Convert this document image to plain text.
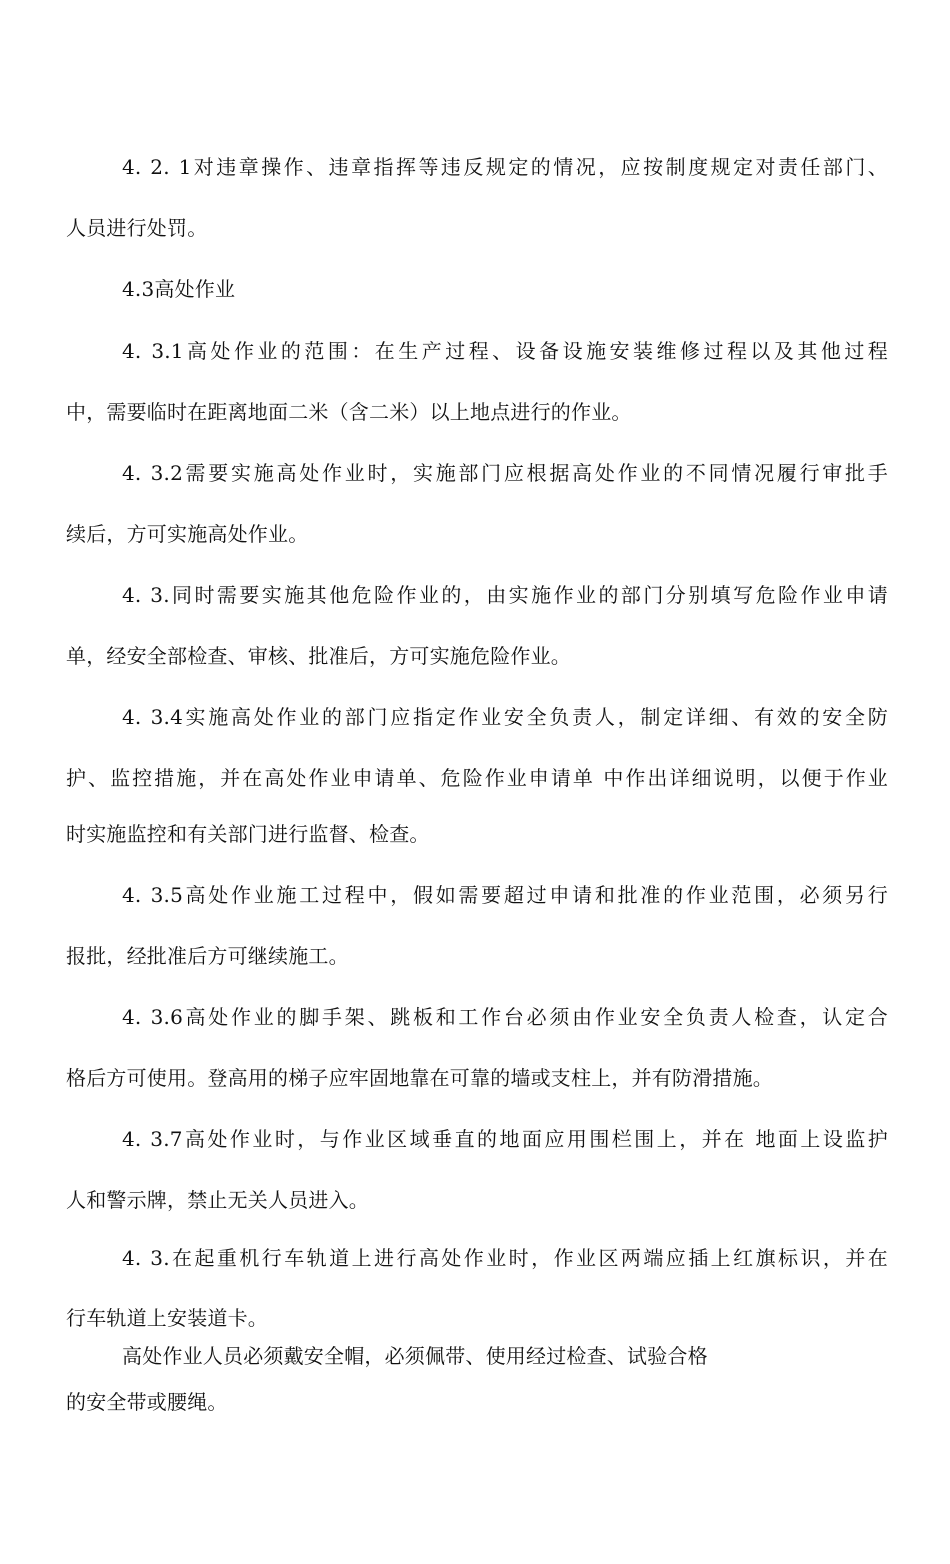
4. 2. 1对违章操作、违章指挥等违反规定的情况，应按制度规定对责任部门、
人员进行处罚。
4.3高处作业
4. 3.1高处作业的范围：在生产过程、设备设施安装维修过程以及其他过程
中，需要临时在距离地面二米（含二米）以上地点进行的作业。
4. 3.2需要实施高处作业时，实施部门应根据高处作业的不同情况履行审批手
续后，方可实施高处作业。
4. 3.同时需要实施其他危险作业的，由实施作业的部门分别填写危险作业申请
单，经安全部检查、审核、批准后，方可实施危险作业。
4. 3.4实施高处作业的部门应指定作业安全负责人，制定详细、有效的安全防
护、监控措施，并在高处作业申请单、危险作业申请单 中作出详细说明，以便于作业
时实施监控和有关部门进行监督、检查。
4. 3.5高处作业施工过程中，假如需要超过申请和批准的作业范围，必须另行
报批，经批准后方可继续施工。
4. 3.6高处作业的脚手架、跳板和工作台必须由作业安全负责人检查，认定合
格后方可使用。登高用的梯子应牢固地靠在可靠的墙或支柱上，并有防滑措施。
4. 3.7高处作业时，与作业区域垂直的地面应用围栏围上，并在 地面上设监护
人和警示牌，禁止无关人员进入。
4. 3.在起重机行车轨道上进行高处作业时，作业区两端应插上红旗标识，并在
行车轨道上安装道卡。
高处作业人员必须戴安全帽，必须佩带、使用经过检查、试验合格
的安全带或腰绳。
